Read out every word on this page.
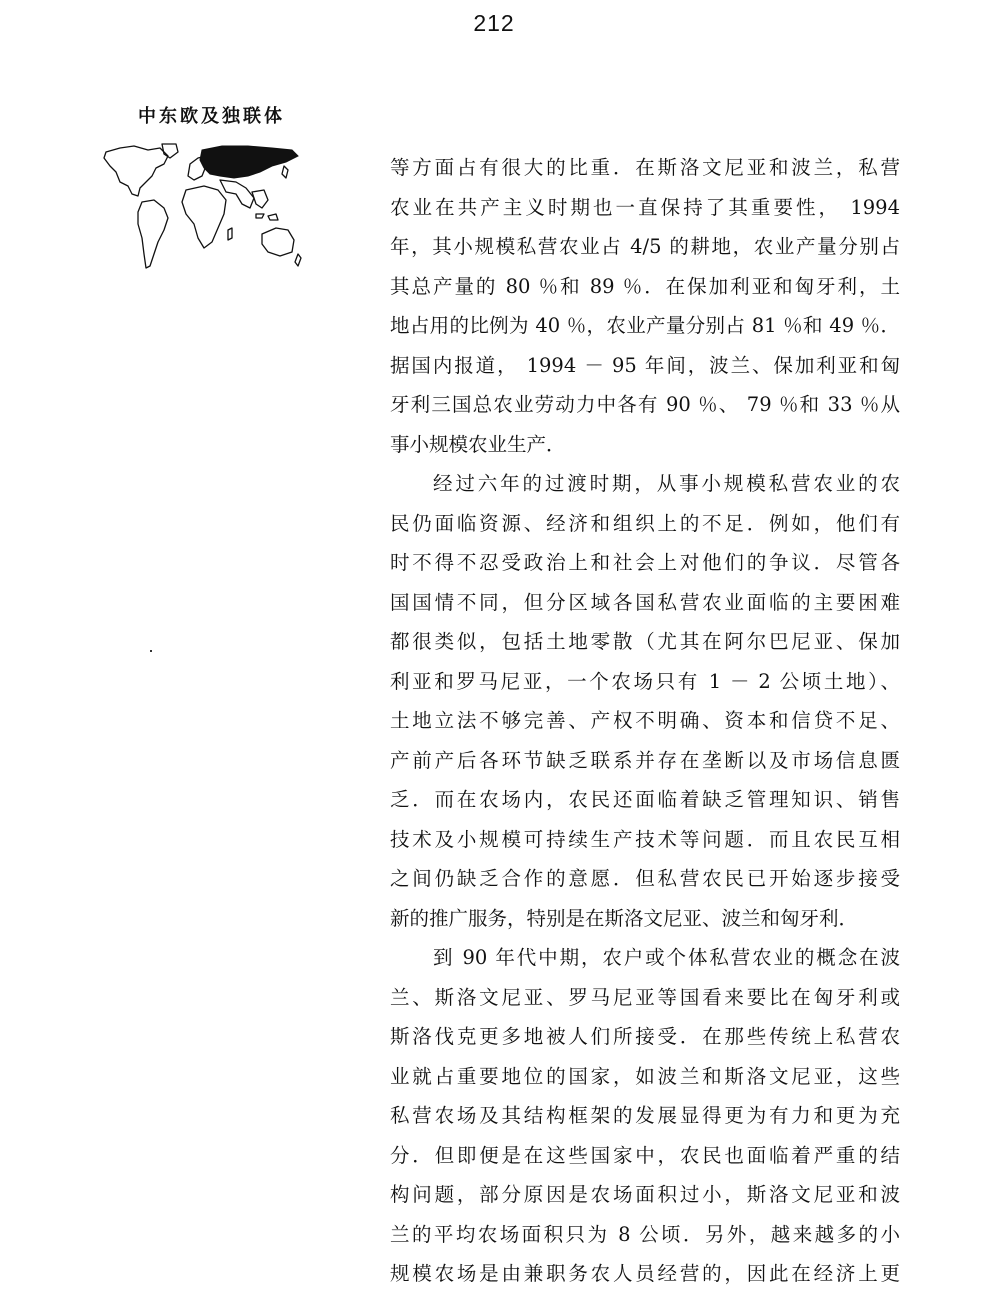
212
中东欧及独联体

等方面占有很大的比重．在斯洛文尼亚和波兰，私营
农业在共产主义时期也一直保持了其重要性， 1994
年，其小规模私营农业占 4/5 的耕地，农业产量分别占
其总产量的 80 ％和 89 ％．在保加利亚和匈牙利，土
地占用的比例为 40 ％，农业产量分别占 81 ％和 49 ％．
据国内报道， 1994 － 95 年间，波兰、保加利亚和匈
牙利三国总农业劳动力中各有 90 ％、 79 ％和 33 ％从
事小规模农业生产．

经过六年的过渡时期，从事小规模私营农业的农
民仍面临资源、经济和组织上的不足．例如，他们有
时不得不忍受政治上和社会上对他们的争议．尽管各
国国情不同，但分区域各国私营农业面临的主要困难
都很类似，包括土地零散（尤其在阿尔巴尼亚、保加
利亚和罗马尼亚，一个农场只有 1 － 2 公顷土地）、
土地立法不够完善、产权不明确、资本和信贷不足、
产前产后各环节缺乏联系并存在垄断以及市场信息匮
乏．而在农场内，农民还面临着缺乏管理知识、销售
技术及小规模可持续生产技术等问题．而且农民互相
之间仍缺乏合作的意愿．但私营农民已开始逐步接受
新的推广服务，特别是在斯洛文尼亚、波兰和匈牙利．

到 90 年代中期，农户或个体私营农业的概念在波
兰、斯洛文尼亚、罗马尼亚等国看来要比在匈牙利或
斯洛伐克更多地被人们所接受．在那些传统上私营农
业就占重要地位的国家，如波兰和斯洛文尼亚，这些
私营农场及其结构框架的发展显得更为有力和更为充
分．但即便是在这些国家中，农民也面临着严重的结
构问题，部分原因是农场面积过小，斯洛文尼亚和波
兰的平均农场面积只为 8 公顷．另外，越来越多的小
规模农场是由兼职务农人员经营的，因此在经济上更
